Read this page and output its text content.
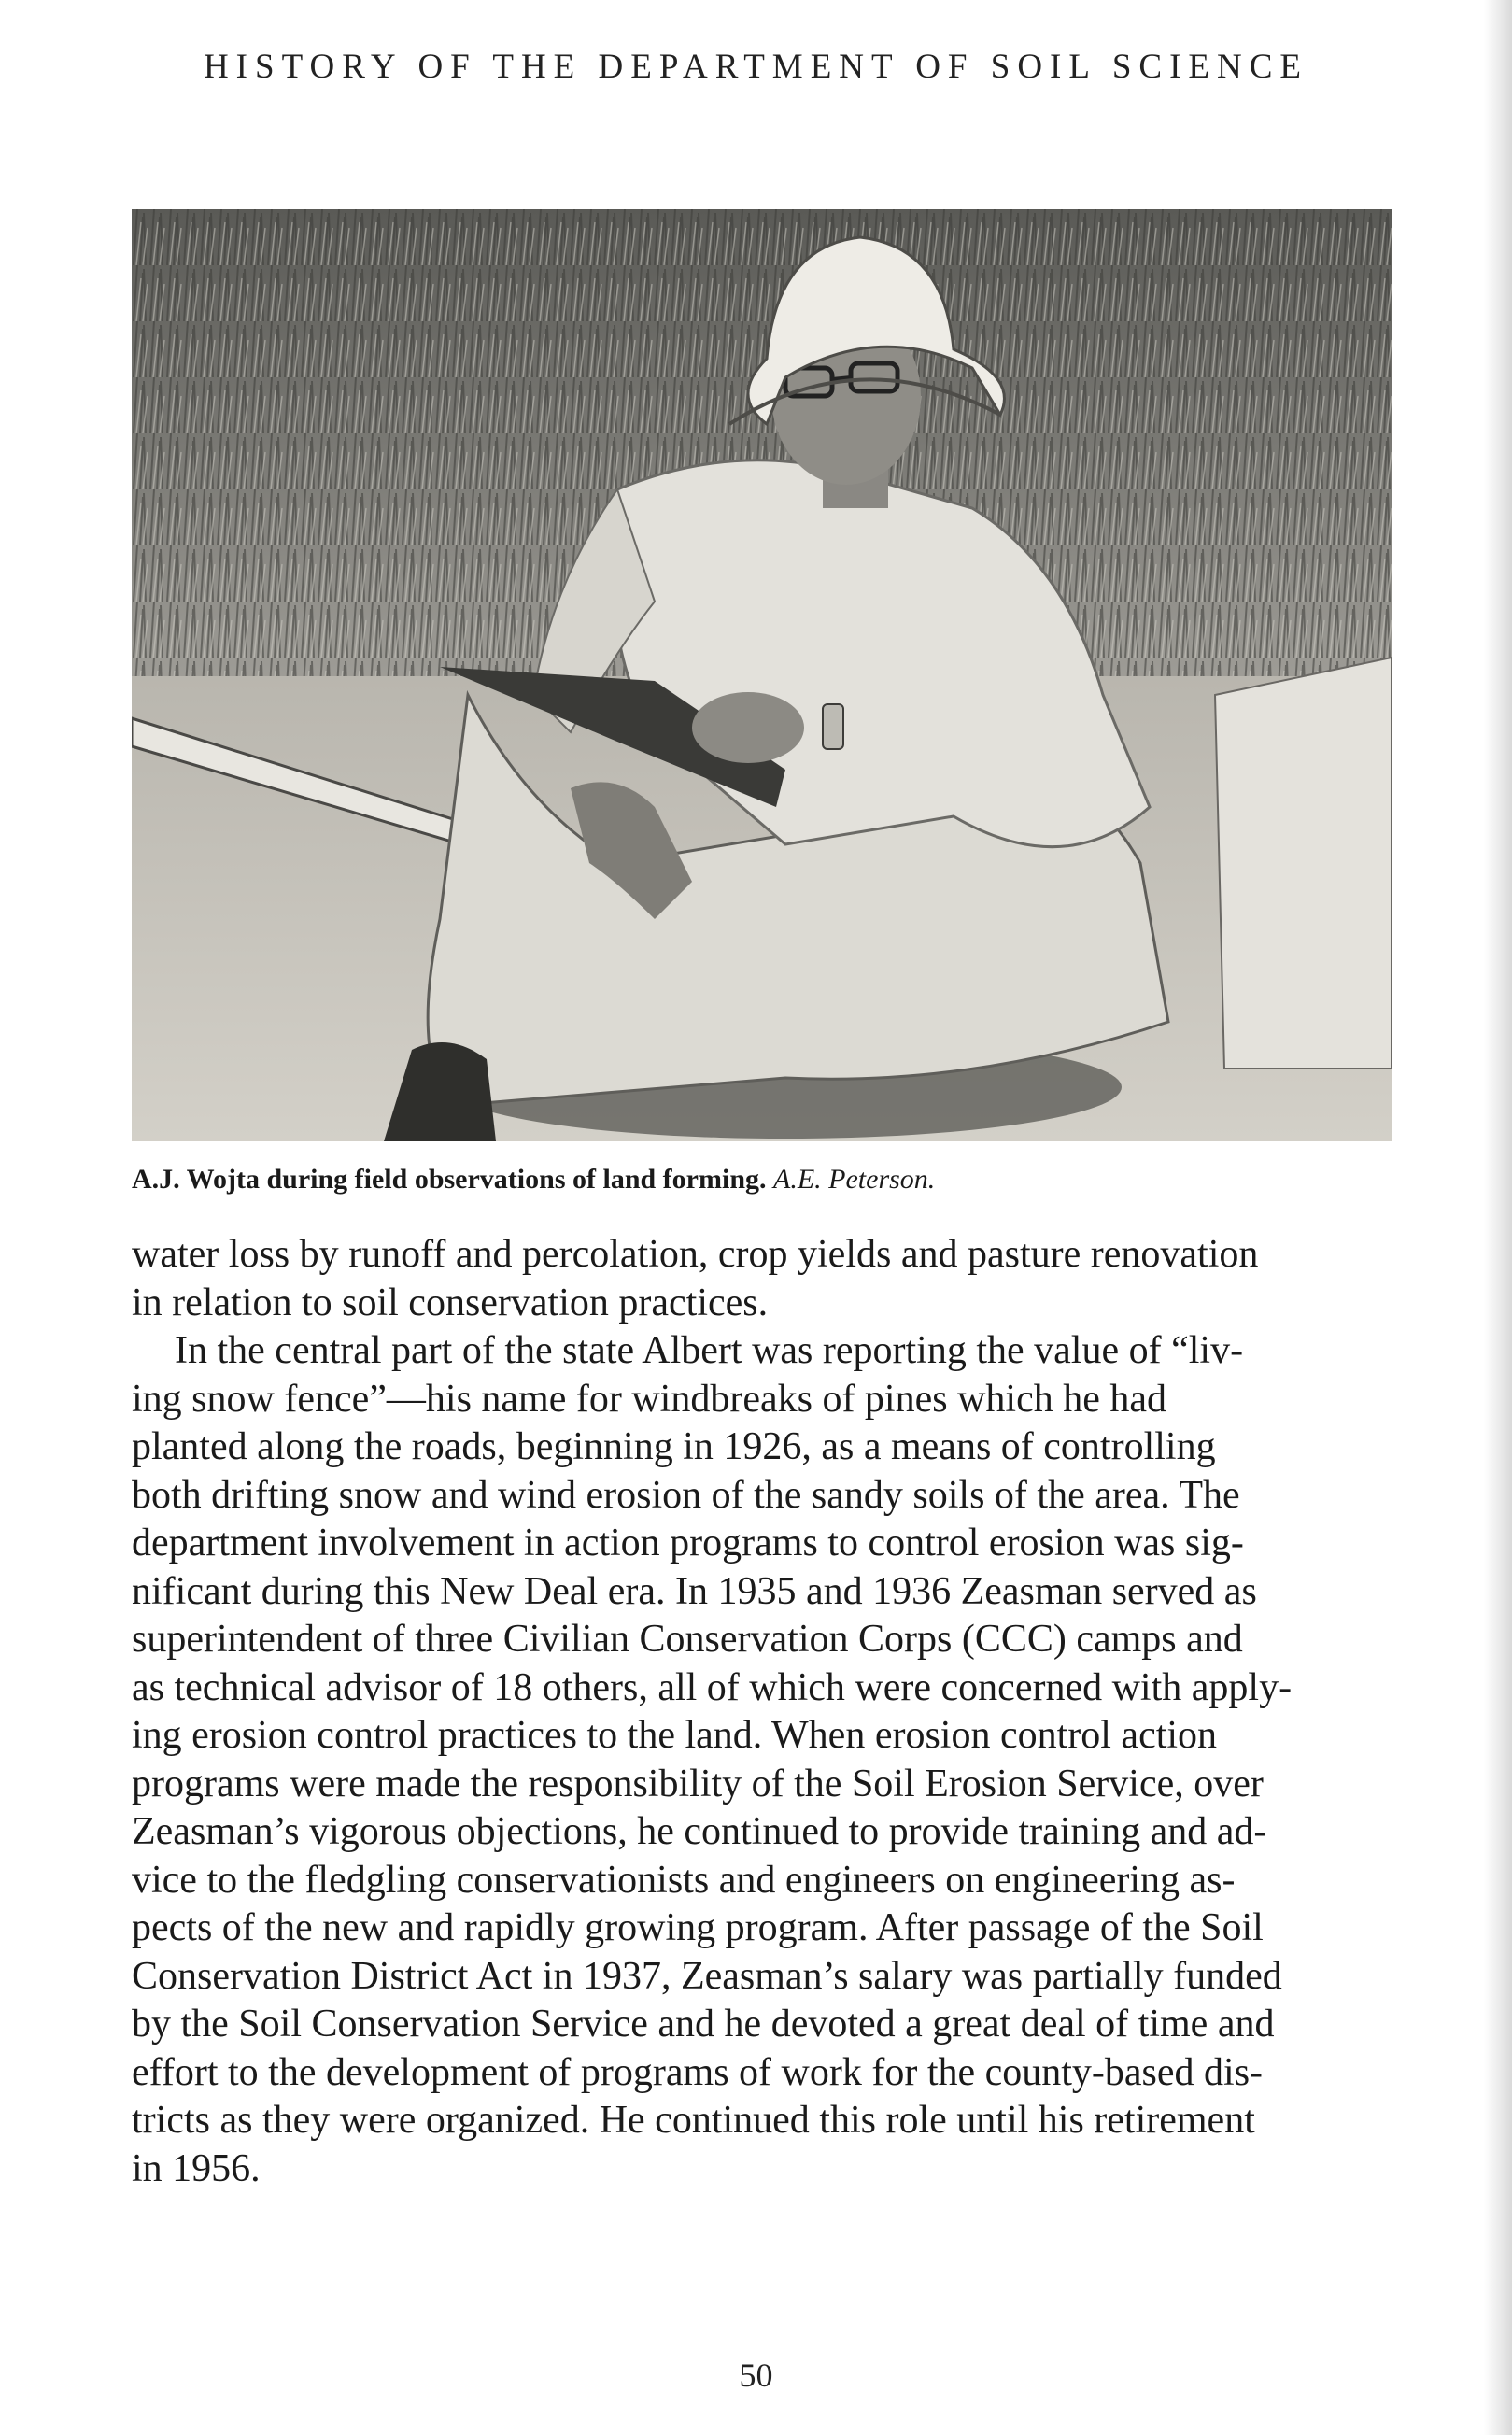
HISTORY OF THE DEPARTMENT OF SOIL SCIENCE
A.J. Wojta during field observations of land forming. A.E. Peterson.
water loss by runoff and percolation, crop yields and pasture renovation
in relation to soil conservation practices.
In the central part of the state Albert was reporting the value of “liv-
ing snow fence”—his name for windbreaks of pines which he had
planted along the roads, beginning in 1926, as a means of controlling
both drifting snow and wind erosion of the sandy soils of the area. The
department involvement in action programs to control erosion was sig-
nificant during this New Deal era. In 1935 and 1936 Zeasman served as
superintendent of three Civilian Conservation Corps (CCC) camps and
as technical advisor of 18 others, all of which were concerned with apply-
ing erosion control practices to the land. When erosion control action
programs were made the responsibility of the Soil Erosion Service, over
Zeasman’s vigorous objections, he continued to provide training and ad-
vice to the fledgling conservationists and engineers on engineering as-
pects of the new and rapidly growing program. After passage of the Soil
Conservation District Act in 1937, Zeasman’s salary was partially funded
by the Soil Conservation Service and he devoted a great deal of time and
effort to the development of programs of work for the county-based dis-
tricts as they were organized. He continued this role until his retirement
in 1956.
50
